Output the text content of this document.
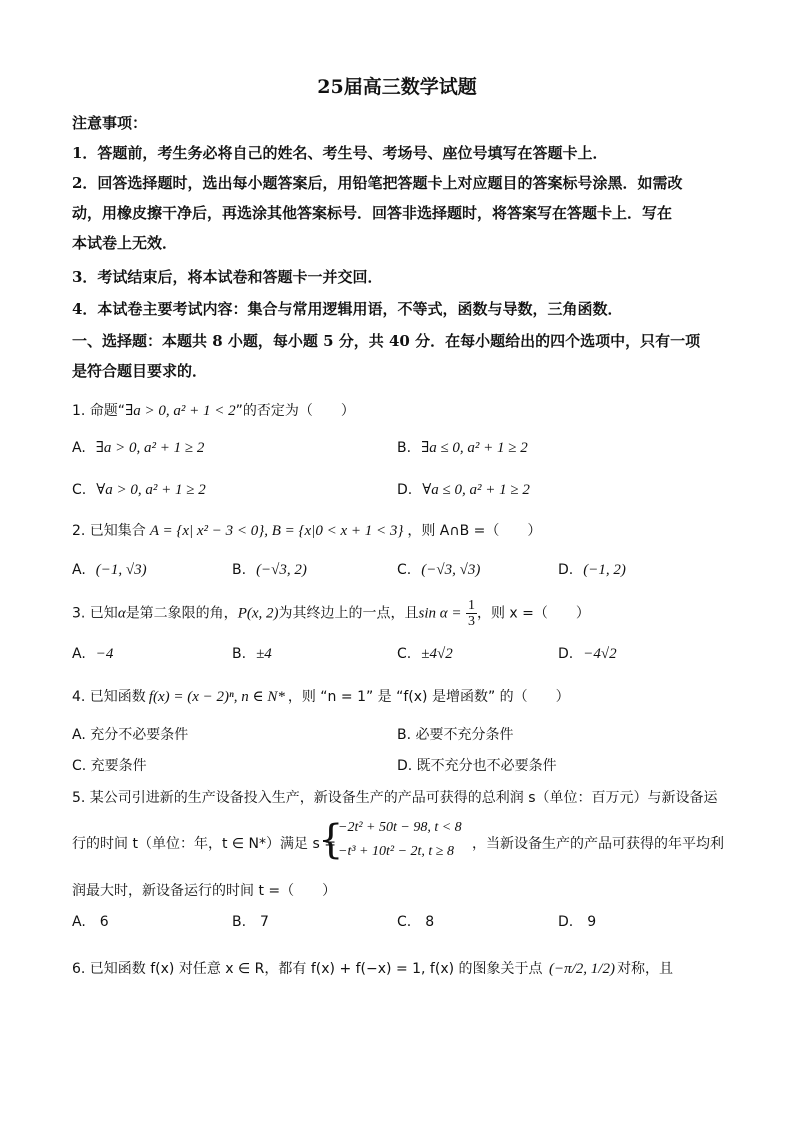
25届高三数学试题
注意事项：
1．答题前，考生务必将自己的姓名、考生号、考场号、座位号填写在答题卡上．
2．回答选择题时，选出每小题答案后，用铅笔把答题卡上对应题目的答案标号涂黑．如需改
动，用橡皮擦干净后，再选涂其他答案标号．回答非选择题时，将答案写在答题卡上．写在
本试卷上无效．
3．考试结束后，将本试卷和答题卡一并交回．
4．本试卷主要考试内容：集合与常用逻辑用语，不等式，函数与导数，三角函数．
一、选择题：本题共 8 小题，每小题 5 分，共 40 分．在每小题给出的四个选项中，只有一项
是符合题目要求的．
1. 命题“∃a > 0, a² + 1 < 2”的否定为（　　）
A. ∃a > 0, a² + 1 ≥ 2	B. ∃a ≤ 0, a² + 1 ≥ 2
C. ∀a > 0, a² + 1 ≥ 2	D. ∀a ≤ 0, a² + 1 ≥ 2
2. 已知集合 A = {x| x² − 3 < 0}, B = {x|0 < x + 1 < 3} ，则 A∩B =（　　）
A. (−1, √3)	B. (−√3, 2)	C. (−√3, √3)	D. (−1, 2)
3. 已知α是第二象限的角，P(x, 2)为其终边上的一点，且$\sin \alpha = \frac{1}{3}$ ，则 x =（　　）
A. −4	B. ±4	C. ±4√2	D. −4√2
4. 已知函数 f(x) = (x − 2)ⁿ, n ∈ N* ，则 “n = 1” 是 “f(x) 是增函数” 的（　　）
A. 充分不必要条件	B. 必要不充分条件
C. 充要条件	D. 既不充分也不必要条件
5. 某公司引进新的生产设备投入生产，新设备生产的产品可获得的总利润 s（单位：百万元）与新设备运
行的时间 t（单位：年，t ∈ N*）满足 s =
{
−2t² + 50t − 98, t < 8
−t³ + 10t² − 2t, t ≥ 8 ，当新设备生产的产品可获得的年平均利
润最大时，新设备运行的时间 t =（　　）
A.　6	B.　7	C.　8	D.　9
6. 已知函数 f(x) 对任意 x ∈ R，都有 f(x) + f(−x) = 1, f(x) 的图象关于点 (−π/2, 1/2) 对称，且
